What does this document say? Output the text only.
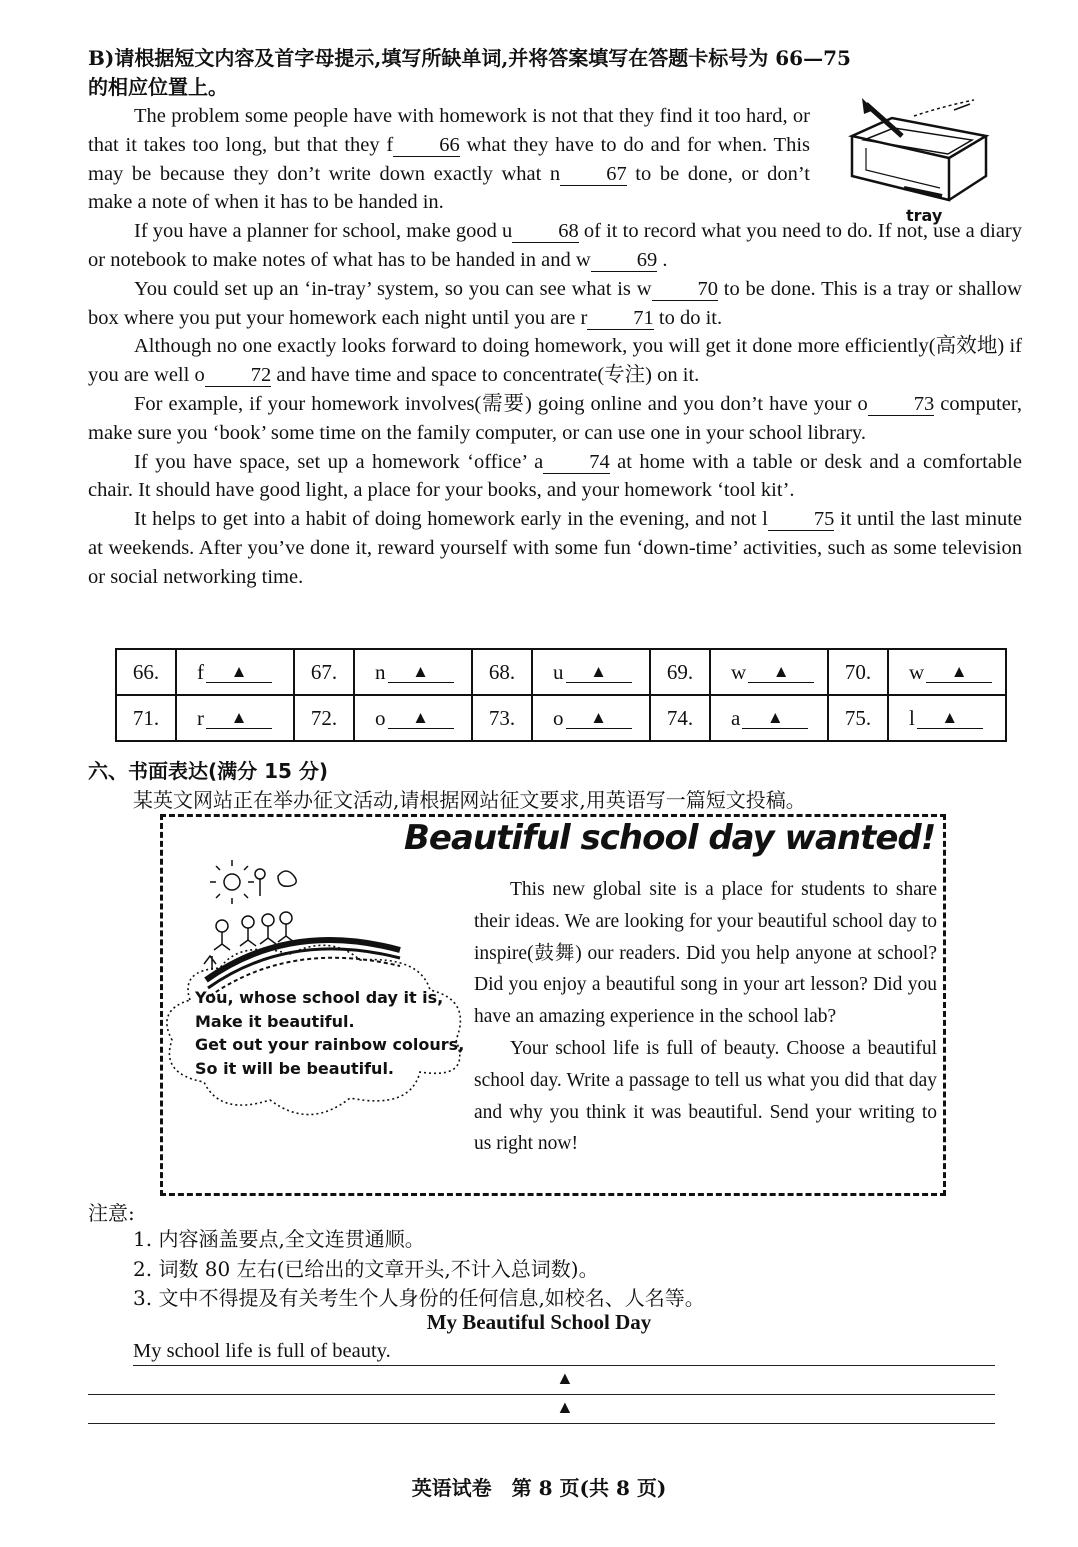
B)请根据短文内容及首字母提示,填写所缺单词,并将答案填写在答题卡标号为 66—75
的相应位置上。
tray

The problem some people have with homework is not that they find it too hard, or that it takes too long, but that they f 66 what they have to do and for when. This may be because they don’t write down exactly what n 67 to be done, or don’t make a note of when it has to be handed in.

If you have a planner for school, make good u 68 of it to record what you need to do. If not, use a diary or notebook to make notes of what has to be handed in and w 69 .

You could set up an ‘in-tray’ system, so you can see what is w 70 to be done. This is a tray or shallow box where you put your homework each night until you are r 71 to do it.

Although no one exactly looks forward to doing homework, you will get it done more efficiently(高效地) if you are well o 72 and have time and space to concentrate(专注) on it.

For example, if your homework involves(需要) going online and you don’t have your o 73 computer, make sure you ‘book’ some time on the family computer, or can use one in your school library.

If you have space, set up a homework ‘office’ a 74 at home with a table or desk and a comfortable chair. It should have good light, a place for your books, and your homework ‘tool kit’.

It helps to get into a habit of doing homework early in the evening, and not l 75 it until the last minute at weekends. After you’ve done it, reward yourself with some fun ‘down-time’ activities, such as some television or social networking time.

66.	f ▲	67.	n ▲	68.	u ▲	69.	w ▲	70.	w ▲

71.	r ▲	72.	o ▲	73.	o ▲	74.	a ▲	75.	l ▲
六、书面表达(满分 15 分)
某英文网站正在举办征文活动,请根据网站征文要求,用英语写一篇短文投稿。
Beautiful school day wanted!
You, whose school day it is,
Make it beautiful.
Get out your rainbow colours,
So it will be beautiful.

This new global site is a place for students to share their ideas. We are looking for your beautiful school day to inspire(鼓舞) our readers. Did you help anyone at school? Did you enjoy a beautiful song in your art lesson? Did you have an amazing experience in the school lab?

Your school life is full of beauty. Choose a beautiful school day. Write a passage to tell us what you did that day and why you think it was beautiful. Send your writing to us right now!

注意:
1. 内容涵盖要点,全文连贯通顺。
2. 词数 80 左右(已给出的文章开头,不计入总词数)。
3. 文中不得提及有关考生个人身份的任何信息,如校名、人名等。
My Beautiful School Day
My school life is full of beauty.
▲
▲
英语试卷　第 8 页(共 8 页)
